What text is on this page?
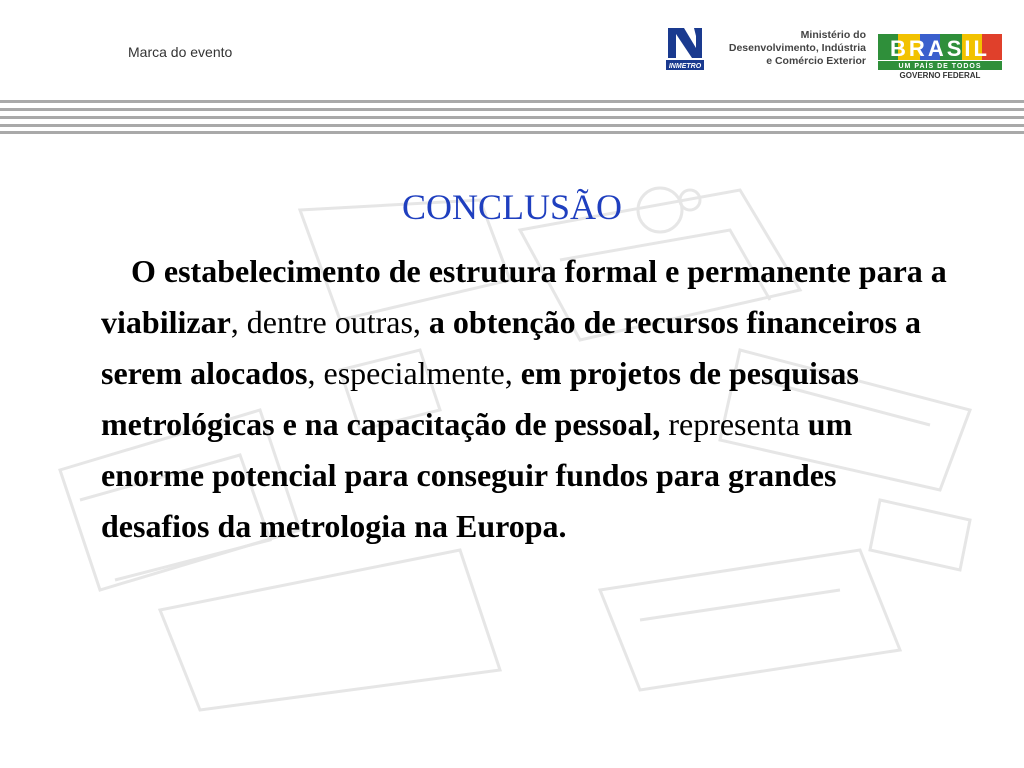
Marca do evento
INMETRO
Ministério do
Desenvolvimento, Indústria
e Comércio Exterior BRASIL
UM PAÍS DE TODOS
GOVERNO FEDERAL
CONCLUSÃO
O estabelecimento de estrutura formal e permanente para a viabilizar, dentre outras, a obtenção de recursos financeiros a serem alocados, especialmente, em projetos de pesquisas metrológicas e na capacitação de pessoal, representa um enorme potencial para conseguir fundos para grandes desafios da metrologia na Europa.
